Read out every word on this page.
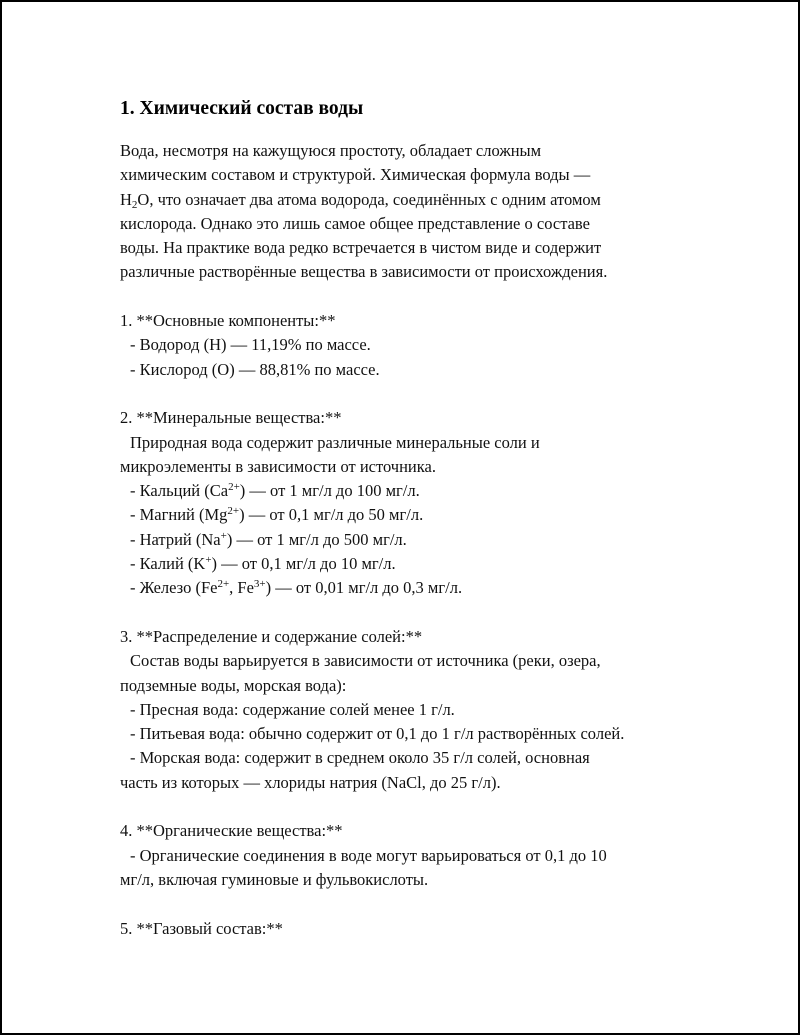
1. Химический состав воды
Вода, несмотря на кажущуюся простоту, обладает сложным
химическим составом и структурой. Химическая формула воды —
$H_2O$, что означает два атома водорода, соединённых с одним атомом
кислорода. Однако это лишь самое общее представление о составе
воды. На практике вода редко встречается в чистом виде и содержит
различные растворённые вещества в зависимости от происхождения.
1. **Основные компоненты:**
- Водород (H) — 11,19% по массе.
- Кислород (O) — 88,81% по массе.
2. **Минеральные вещества:**
Природная вода содержит различные минеральные соли и
микроэлементы в зависимости от источника.
- Кальций $(Ca^{2+})$ — от 1 мг/л до 100 мг/л.
- Магний $(Mg^{2+})$ — от 0,1 мг/л до 50 мг/л.
- Натрий (Na+) — от 1 мг/л до 500 мг/л.
- Калий (K+) — от 0,1 мг/л до 10 мг/л.
- Железо ($Fe^{2+}$, $Fe^{3+}$) — от 0,01 мг/л до 0,3 мг/л.
3. **Распределение и содержание солей:**
Состав воды варьируется в зависимости от источника (реки, озера,
подземные воды, морская вода):
- Пресная вода: содержание солей менее 1 г/л.
- Питьевая вода: обычно содержит от 0,1 до 1 г/л растворённых солей.
- Морская вода: содержит в среднем около 35 г/л солей, основная
часть из которых — хлориды натрия (NaCl, до 25 г/л).
4. **Органические вещества:**
- Органические соединения в воде могут варьироваться от 0,1 до 10
мг/л, включая гуминовые и фульвокислоты.
5. **Газовый состав:**
